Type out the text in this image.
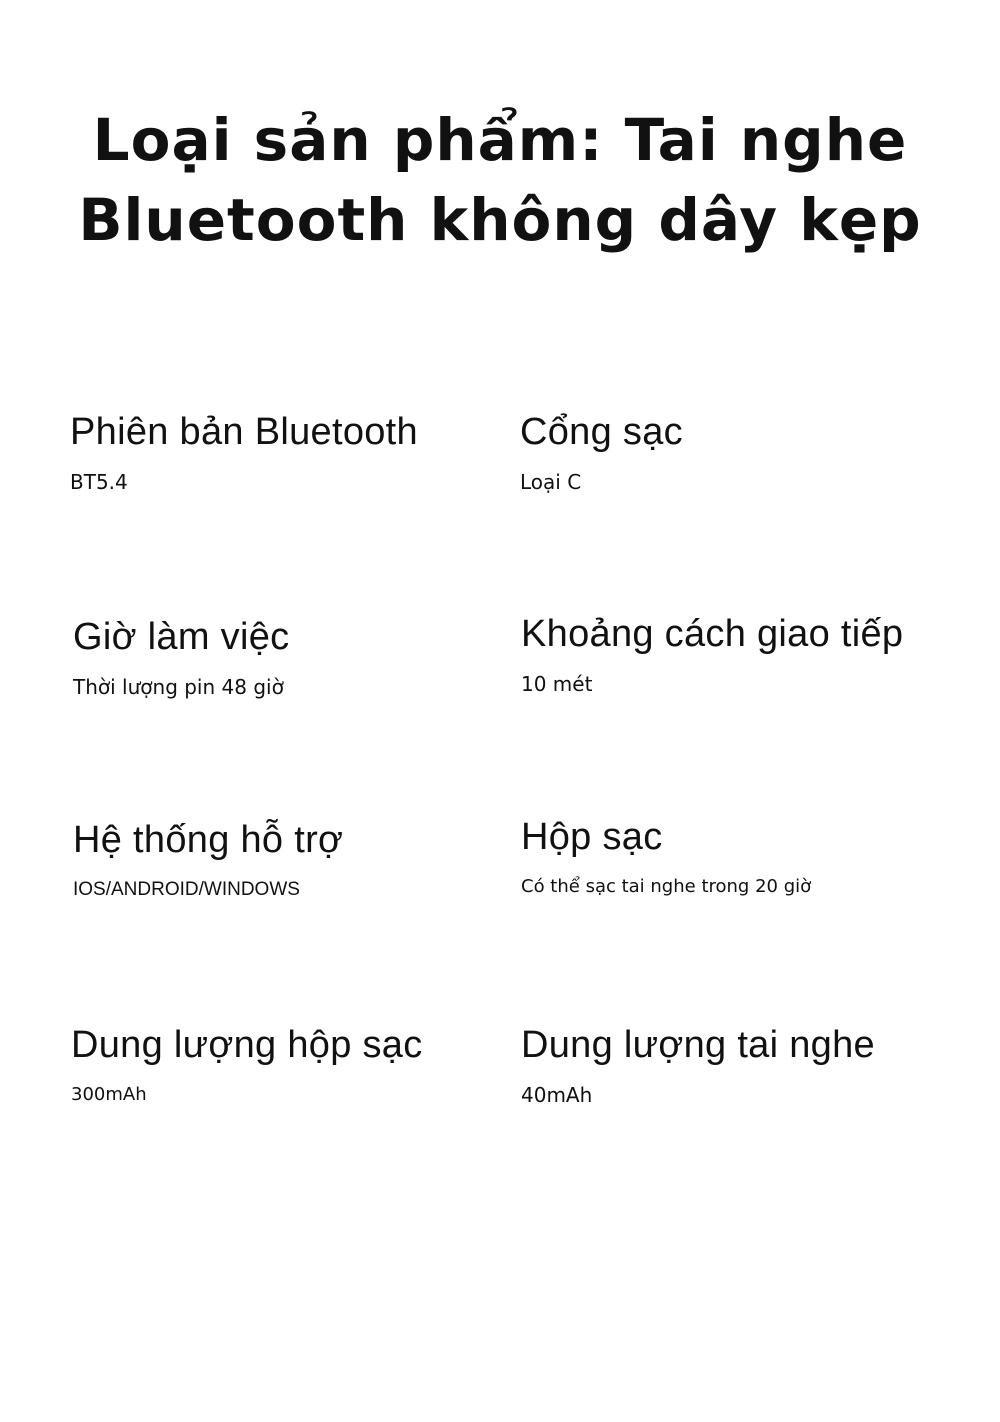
Loại sản phẩm: Tai nghe
Bluetooth không dây kẹp
Phiên bản Bluetooth
BT5.4
Cổng sạc
Loại C
Giờ làm việc
Thời lượng pin 48 giờ
Khoảng cách giao tiếp
10 mét
Hệ thống hỗ trợ
IOS/ANDROID/WINDOWS
Hộp sạc
Có thể sạc tai nghe trong 20 giờ
Dung lượng hộp sạc
300mAh
Dung lượng tai nghe
40mAh
